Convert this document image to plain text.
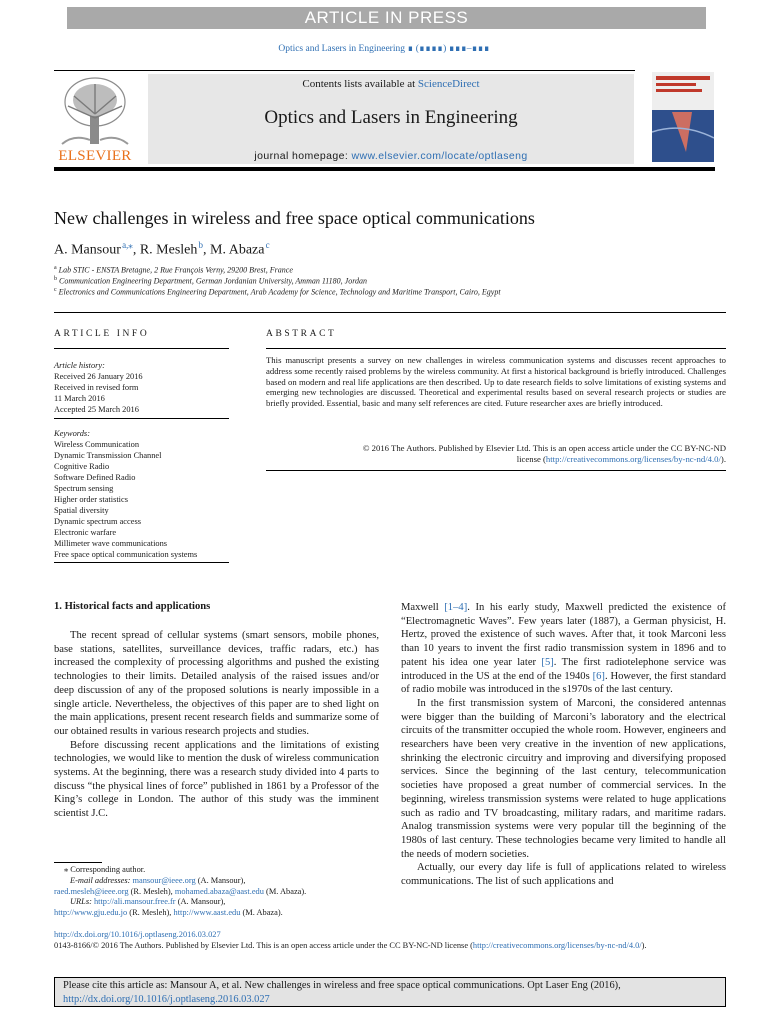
ARTICLE IN PRESS
Optics and Lasers in Engineering ∎ (∎∎∎∎) ∎∎∎–∎∎∎
ELSEVIER
Contents lists available at ScienceDirect
Optics and Lasers in Engineering
journal homepage: www.elsevier.com/locate/optlaseng
New challenges in wireless and free space optical communications
A. Mansour $^{a,⁎}$, R. Mesleh $^b$, M. Abaza $^c$
$^a$ Lab STIC - ENSTA Bretagne, 2 Rue François Verny, 29200 Brest, France
$^b$ Communication Engineering Department, German Jordanian University, Amman 11180, Jordan
$^c$ Electronics and Communications Engineering Department, Arab Academy for Science, Technology and Maritime Transport, Cairo, Egypt
ARTICLE INFO
Article history:
Received 26 January 2016
Received in revised form
11 March 2016
Accepted 25 March 2016
Keywords:
Wireless Communication
Dynamic Transmission Channel
Cognitive Radio
Software Defined Radio
Spectrum sensing
Higher order statistics
Spatial diversity
Dynamic spectrum access
Electronic warfare
Millimeter wave communications
Free space optical communication systems
ABSTRACT
This manuscript presents a survey on new challenges in wireless communication systems and discusses recent approaches to address some recently raised problems by the wireless community. At first a historical background is briefly introduced. Challenges based on modern and real life applications are then described. Up to date research fields to solve limitations of existing systems and emerging new technologies are discussed. Theoretical and experimental results based on several research projects or studies are briefly provided. Essential, basic and many self references are cited. Future researcher axes are briefly introduced.
© 2016 The Authors. Published by Elsevier Ltd. This is an open access article under the CC BY-NC-ND
license (http://creativecommons.org/licenses/by-nc-nd/4.0/).
1. Historical facts and applications

The recent spread of cellular systems (smart sensors, mobile phones, base stations, satellites, surveillance devices, traffic radars, etc.) has increased the complexity of processing algorithms and pushed the existing technologies to their limits. Detailed analysis of the raised issues and/or deep discussion of any of the proposed solutions is nearly impossible in a single article. Nevertheless, the objectives of this paper are to shed light on the main applications, present recent research fields and summarize some of our obtained results in various research projects and studies.

Before discussing recent applications and the limitations of existing technologies, we would like to mention the dusk of wireless communication systems. At the beginning, there was a research study divided into 4 parts to discuss “the physical lines of force” published in 1861 by a Professor of the King’s college in London. The author of this study was the imminent scientist J.C.

Maxwell [1–4]. In his early study, Maxwell predicted the existence of “Electromagnetic Waves”. Few years later (1887), a German physicist, H. Hertz, proved the existence of such waves. After that, it took Marconi less than 10 years to invent the first radio transmission system in 1896 and to patent his idea one year later [5]. The first radiotelephone service was introduced in the US at the end of the 1940s [6]. However, the first standard of radio mobile was introduced in the s1970s of the last century.

In the first transmission system of Marconi, the considered antennas were bigger than the building of Marconi’s laboratory and the electrical circuits of the transmitter occupied the whole room. However, engineers and researchers have been very creative in the invention of new applications, shrinking the electronic circuitry and improving and diversifying proposed services. Since the beginning of the last century, telecommunication societies have proposed a great number of commercial services. In the beginning, wireless transmission systems were related to huge applications such as radio and TV broadcasting, military radars, and maritime radars. Analog transmission systems were very popular till the beginning of the 1980s of last century. These technologies became very limited to handle all the needs of modern societies.

Actually, our every day life is full of applications related to wireless communications. The list of such applications and

⁎ Corresponding author.
E-mail addresses: mansour@ieee.org (A. Mansour),
raed.mesleh@ieee.org (R. Mesleh), mohamed.abaza@aast.edu (M. Abaza).
URLs: http://ali.mansour.free.fr (A. Mansour),
http://www.gju.edu.jo (R. Mesleh), http://www.aast.edu (M. Abaza).
http://dx.doi.org/10.1016/j.optlaseng.2016.03.027
0143-8166/© 2016 The Authors. Published by Elsevier Ltd. This is an open access article under the CC BY-NC-ND license (http://creativecommons.org/licenses/by-nc-nd/4.0/).
Please cite this article as: Mansour A, et al. New challenges in wireless and free space optical communications. Opt Laser Eng (2016),
http://dx.doi.org/10.1016/j.optlaseng.2016.03.027
